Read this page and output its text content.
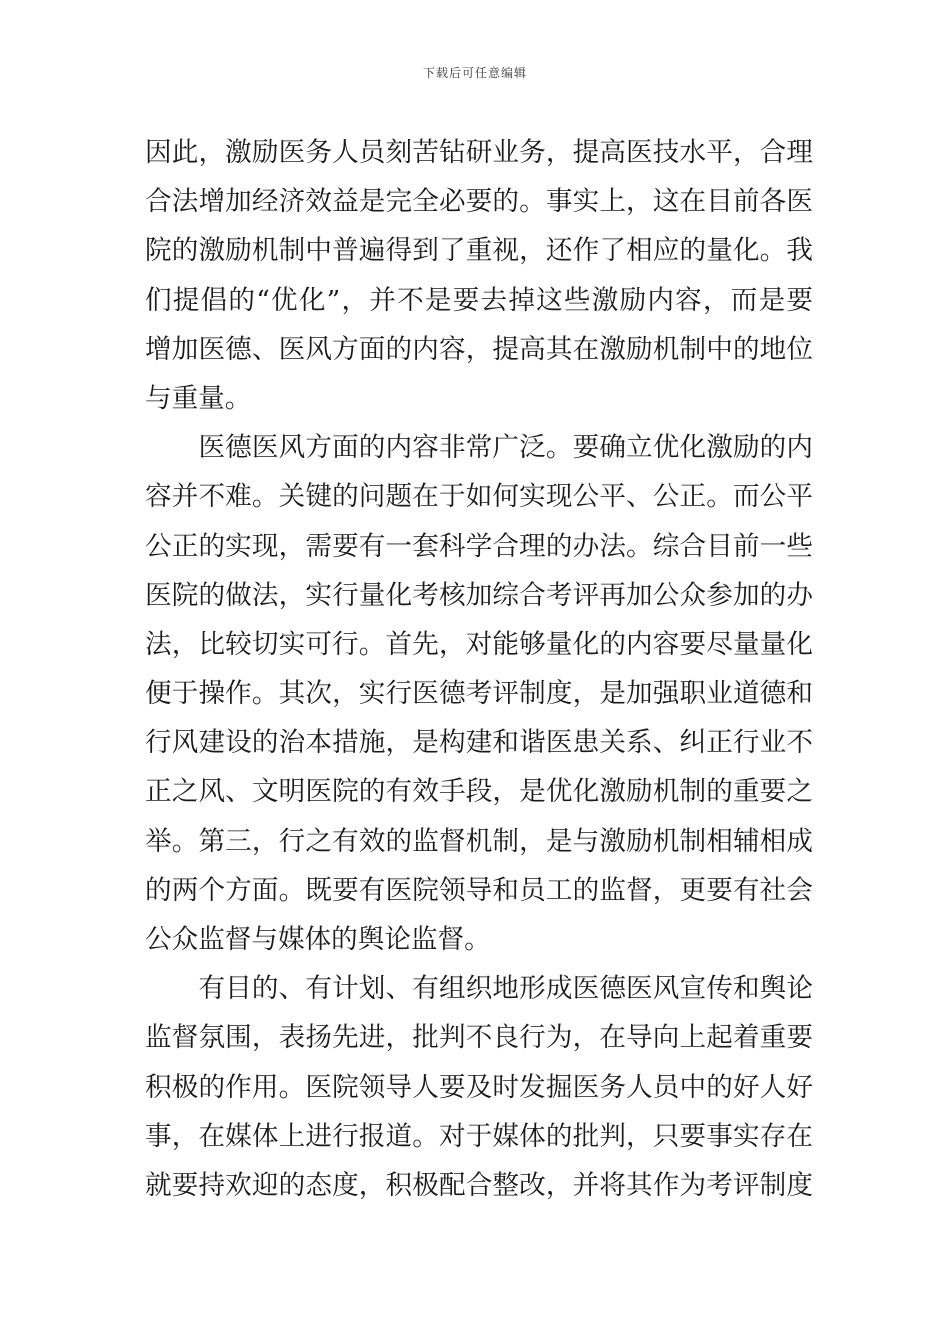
下载后可任意编辑
因此，激励医务人员刻苦钻研业务，提高医技水平，合理
合法增加经济效益是完全必要的。事实上，这在目前各医
院的激励机制中普遍得到了重视，还作了相应的量化。我
们提倡的“优化”，并不是要去掉这些激励内容，而是要
增加医德、医风方面的内容，提高其在激励机制中的地位
与重量。
　　医德医风方面的内容非常广泛。要确立优化激励的内
容并不难。关键的问题在于如何实现公平、公正。而公平
公正的实现，需要有一套科学合理的办法。综合目前一些
医院的做法，实行量化考核加综合考评再加公众参加的办
法，比较切实可行。首先，对能够量化的内容要尽量量化
便于操作。其次，实行医德考评制度，是加强职业道德和
行风建设的治本措施，是构建和谐医患关系、纠正行业不
正之风、文明医院的有效手段，是优化激励机制的重要之
举。第三，行之有效的监督机制，是与激励机制相辅相成
的两个方面。既要有医院领导和员工的监督，更要有社会
公众监督与媒体的舆论监督。
　　有目的、有计划、有组织地形成医德医风宣传和舆论
监督氛围，表扬先进，批判不良行为，在导向上起着重要
积极的作用。医院领导人要及时发掘医务人员中的好人好
事，在媒体上进行报道。对于媒体的批判，只要事实存在
就要持欢迎的态度，积极配合整改，并将其作为考评制度
